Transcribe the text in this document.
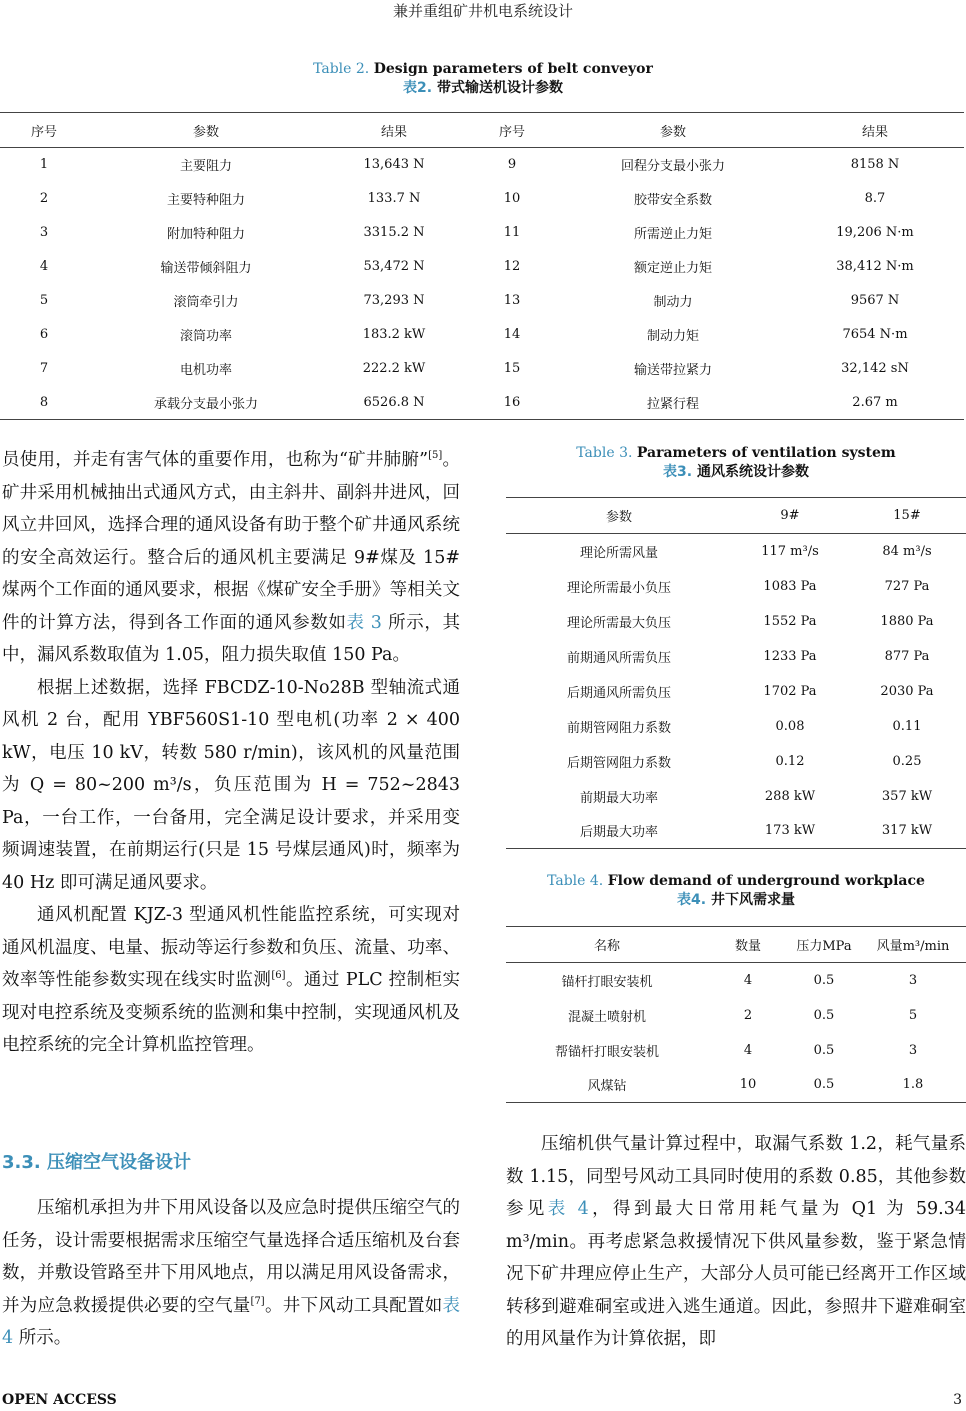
兼并重组矿井机电系统设计
Table 2. Design parameters of belt conveyor
表2. 带式输送机设计参数
序号	参数	结果	序号	参数	结果
1	主要阻力	13,643 N	9	回程分支最小张力	8158 N
2	主要特种阻力	133.7 N	10	胶带安全系数	8.7
3	附加特种阻力	3315.2 N	11	所需逆止力矩	19,206 N·m
4	输送带倾斜阻力	53,472 N	12	额定逆止力矩	38,412 N·m
5	滚筒牵引力	73,293 N	13	制动力	9567 N
6	滚筒功率	183.2 kW	14	制动力矩	7654 N·m
7	电机功率	222.2 kW	15	输送带拉紧力	32,142 sN
8	承载分支最小张力	6526.8 N	16	拉紧行程	2.67 m

员使用，并走有害气体的重要作用，也称为“矿井肺腑”[5]。矿井采用机械抽出式通风方式，由主斜井、副斜井进风，回风立井回风，选择合理的通风设备有助于整个矿井通风系统的安全高效运行。整合后的通风机主要满足 9#煤及 15#煤两个工作面的通风要求，根据《煤矿安全手册》等相关文件的计算方法，得到各工作面的通风参数如表 3 所示，其中，漏风系数取值为 1.05，阻力损失取值 150 Pa。

根据上述数据，选择 FBCDZ-10-No28B 型轴流式通风机 2 台，配用 YBF560S1-10 型电机(功率 2 × 400 kW，电压 10 kV，转数 580 r/min)，该风机的风量范围为 Q = 80~200 m³/s，负压范围为 H = 752~2843 Pa，一台工作，一台备用，完全满足设计要求，并采用变频调速装置，在前期运行(只是 15 号煤层通风)时，频率为 40 Hz 即可满足通风要求。

通风机配置 KJZ-3 型通风机性能监控系统，可实现对通风机温度、电量、振动等运行参数和负压、流量、功率、效率等性能参数实现在线实时监测[6]。通过 PLC 控制柜实现对电控系统及变频系统的监测和集中控制，实现通风机及电控系统的完全计算机监控管理。

3.3. 压缩空气设备设计

压缩机承担为井下用风设备以及应急时提供压缩空气的任务，设计需要根据需求压缩空气量选择合适压缩机及台套数，并敷设管路至井下用风地点，用以满足用风设备需求，并为应急救援提供必要的空气量[7]。井下风动工具配置如表 4 所示。

Table 3. Parameters of ventilation system
表3. 通风系统设计参数
参数	9#	15#
理论所需风量	117 m³/s	84 m³/s
理论所需最小负压	1083 Pa	727 Pa
理论所需最大负压	1552 Pa	1880 Pa
前期通风所需负压	1233 Pa	877 Pa
后期通风所需负压	1702 Pa	2030 Pa
前期管网阻力系数	0.08	0.11
后期管网阻力系数	0.12	0.25
前期最大功率	288 kW	357 kW
后期最大功率	173 kW	317 kW
Table 4. Flow demand of underground workplace
表4. 井下风需求量
名称	数量	压力MPa	风量m³/min
锚杆打眼安装机	4	0.5	3
混凝土喷射机	2	0.5	5
帮锚杆打眼安装机	4	0.5	3
风煤钻	10	0.5	1.8

压缩机供气量计算过程中，取漏气系数 1.2，耗气量系数 1.15，同型号风动工具同时使用的系数 0.85，其他参数参见表 4，得到最大日常用耗气量为 Q1 为 59.34 m³/min。再考虑紧急救援情况下供风量参数，鉴于紧急情况下矿井理应停止生产，大部分人员可能已经离开工作区域转移到避难硐室或进入逃生通道。因此，参照井下避难硐室的用风量作为计算依据，即

OPEN ACCESS	3
